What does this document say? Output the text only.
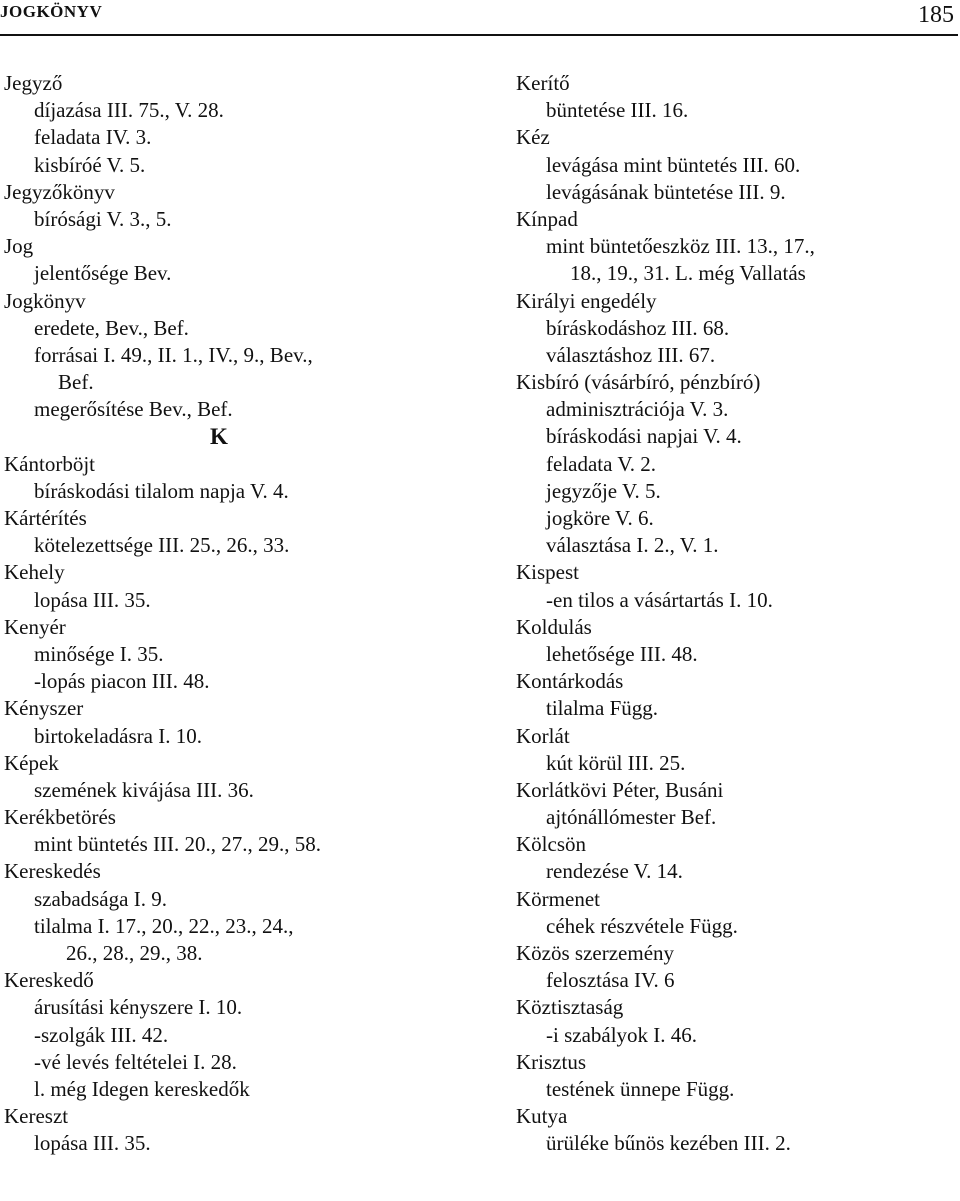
JOGKÖNYV	185
Jegyző
díjazása III. 75., V. 28.
feladata IV. 3.
kisbíróé V. 5.
Jegyzőkönyv
bírósági V. 3., 5.
Jog
jelentősége Bev.
Jogkönyv
eredete, Bev., Bef.
forrásai I. 49., II. 1., IV., 9., Bev.,
Bef.
megerősítése Bev., Bef.
K
Kántorböjt
bíráskodási tilalom napja V. 4.
Kártérítés
kötelezettsége III. 25., 26., 33.
Kehely
lopása III. 35.
Kenyér
minősége I. 35.
-lopás piacon III. 48.
Kényszer
birtokeladásra I. 10.
Képek
szemének kivájása III. 36.
Kerékbetörés
mint büntetés III. 20., 27., 29., 58.
Kereskedés
szabadsága I. 9.
tilalma I. 17., 20., 22., 23., 24.,
26., 28., 29., 38.
Kereskedő
árusítási kényszere I. 10.
-szolgák III. 42.
-vé levés feltételei I. 28.
l. még Idegen kereskedők
Kereszt
lopása III. 35.
Kerítő
büntetése III. 16.
Kéz
levágása mint büntetés III. 60.
levágásának büntetése III. 9.
Kínpad
mint büntetőeszköz III. 13., 17.,
18., 19., 31. L. még Vallatás
Királyi engedély
bíráskodáshoz III. 68.
választáshoz III. 67.
Kisbíró (vásárbíró, pénzbíró)
adminisztrációja V. 3.
bíráskodási napjai V. 4.
feladata V. 2.
jegyzője V. 5.
jogköre V. 6.
választása I. 2., V. 1.
Kispest
-en tilos a vásártartás I. 10.
Koldulás
lehetősége III. 48.
Kontárkodás
tilalma Függ.
Korlát
kút körül III. 25.
Korlátkövi Péter, Busáni
ajtónállómester Bef.
Kölcsön
rendezése V. 14.
Körmenet
céhek részvétele Függ.
Közös szerzemény
felosztása IV. 6
Köztisztaság
-i szabályok I. 46.
Krisztus
testének ünnepe Függ.
Kutya
ürüléke bűnös kezében III. 2.
